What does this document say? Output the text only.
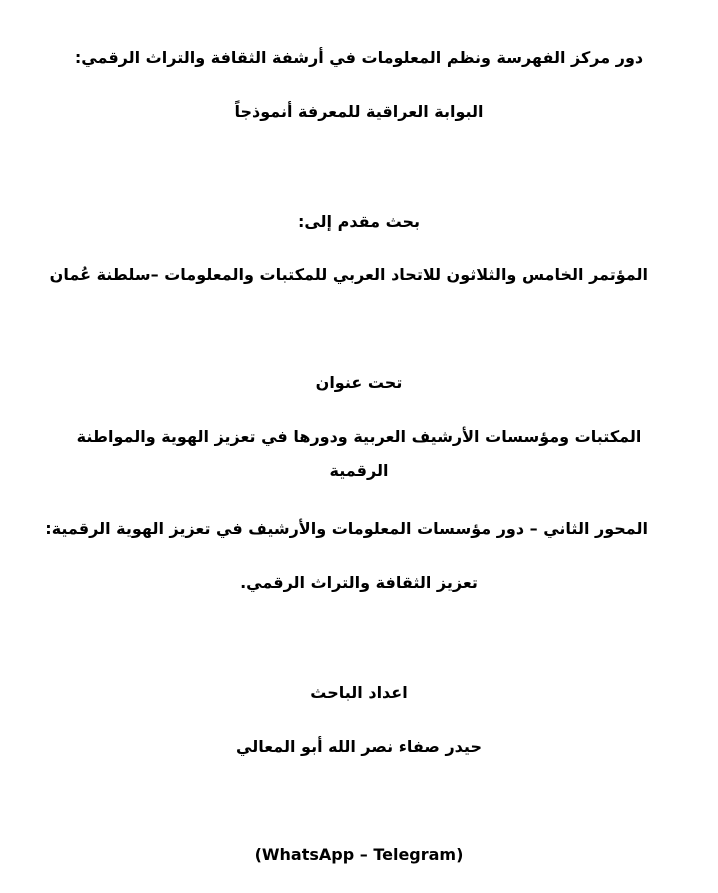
دور مركز الفهرسة ونظم المعلومات في أرشفة الثقافة والتراث الرقمي:
البوابة العراقية للمعرفة أنموذجاً
بحث مقدم إلى:
المؤتمر الخامس والثلاثون للاتحاد العربي للمكتبات والمعلومات –سلطنة عُمان
تحت عنوان
المكتبات ومؤسسات الأرشيف العربية ودورها في تعزيز الهوية والمواطنة الرقمية
المحور الثاني – دور مؤسسات المعلومات والأرشيف في تعزيز الهوية الرقمية:
تعزيز الثقافة والتراث الرقمي.
اعداد الباحث
حيدر صفاء نصر الله أبو المعالي
(WhatsApp – Telegram)
